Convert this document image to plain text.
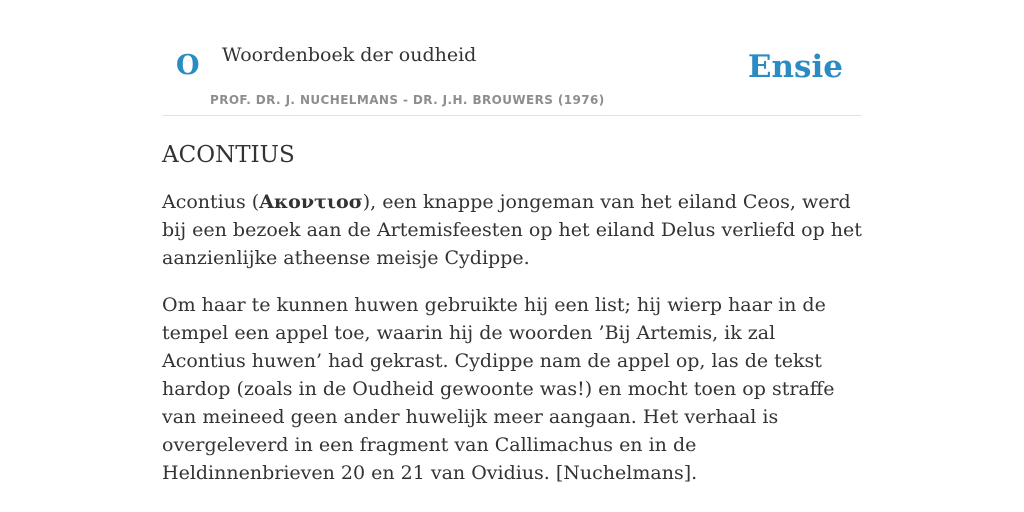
O Woordenboek der oudheid
PROF. DR. J. NUCHELMANS - DR. J.H. BROUWERS (1976)
Ensie
ACONTIUS

Acontius (Ακοντιοσ), een knappe jongeman van het eiland Ceos, werd bij een bezoek aan de Artemisfeesten op het eiland Delus verliefd op het aanzienlijke atheense meisje Cydippe.

Om haar te kunnen huwen gebruikte hij een list; hij wierp haar in de tempel een appel toe, waarin hij de woorden ’Bij Artemis, ik zal Acontius huwen’ had gekrast. Cydippe nam de appel op, las de tekst hardop (zoals in de Oudheid gewoonte was!) en mocht toen op straffe van meineed geen ander huwelijk meer aangaan. Het verhaal is overgeleverd in een fragment van Callimachus en in de Heldinnenbrieven 20 en 21 van Ovidius. [Nuchelmans].
